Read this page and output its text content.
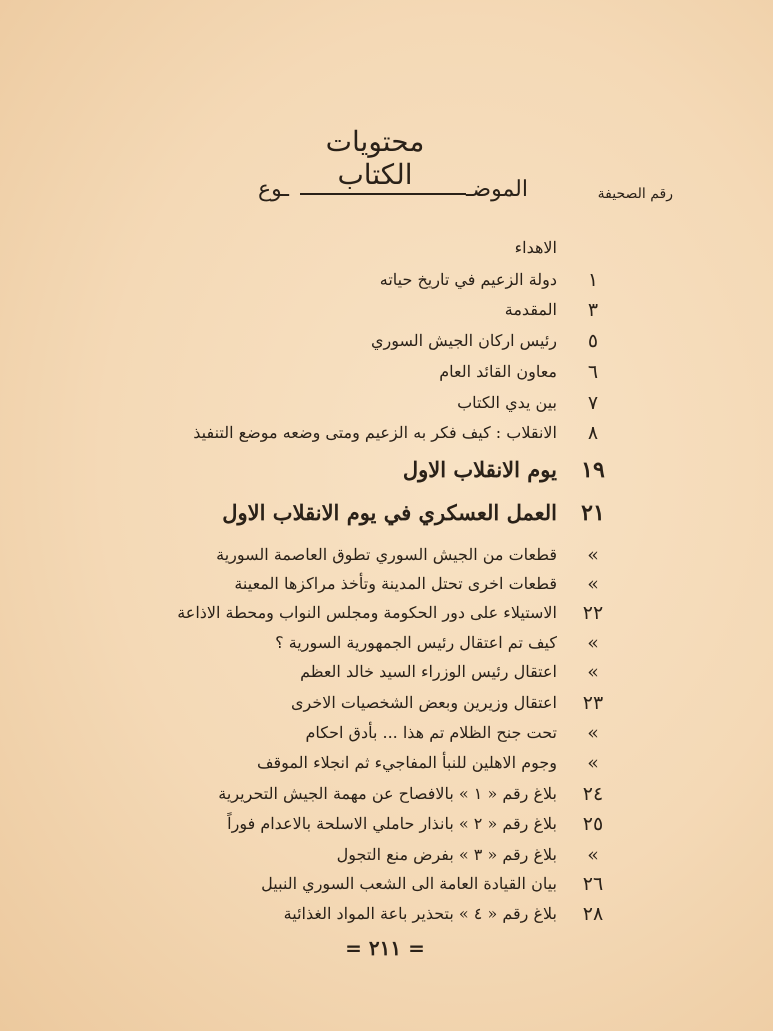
محتويات الكتاب
رقم الصحيفة
الموضـ
ـوع
الاهداء
١
دولة الزعيم في تاريخ حياته
٣
المقدمة
٥
رئيس اركان الجيش السوري
٦
معاون القائد العام
٧
بين يدي الكتاب
٨
الانقلاب : كيف فكر به الزعيم ومتى وضعه موضع التنفيذ
١٩
يوم الانقلاب الاول
٢١
العمل العسكري في يوم الانقلاب الاول
«
قطعات من الجيش السوري تطوق العاصمة السورية
«
قطعات اخرى تحتل المدينة وتأخذ مراكزها المعينة
٢٢
الاستيلاء على دور الحكومة ومجلس النواب ومحطة الاذاعة
«
كيف تم اعتقال رئيس الجمهورية السورية ؟
«
اعتقال رئيس الوزراء السيد خالد العظم
٢٣
اعتقال وزيرين وبعض الشخصيات الاخرى
«
تحت جنح الظلام تم هذا ... بأدق احكام
«
وجوم الاهلين للنبأ المفاجيء ثم انجلاء الموقف
٢٤
بلاغ رقم « ١ » بالافصاح عن مهمة الجيش التحريرية
٢٥
بلاغ رقم « ٢ » بانذار حاملي الاسلحة بالاعدام فوراً
«
بلاغ رقم « ٣ » بفرض منع التجول
٢٦
بيان القيادة العامة الى الشعب السوري النبيل
٢٨
بلاغ رقم « ٤ » بتحذير باعة المواد الغذائية
= ٢١١ =
